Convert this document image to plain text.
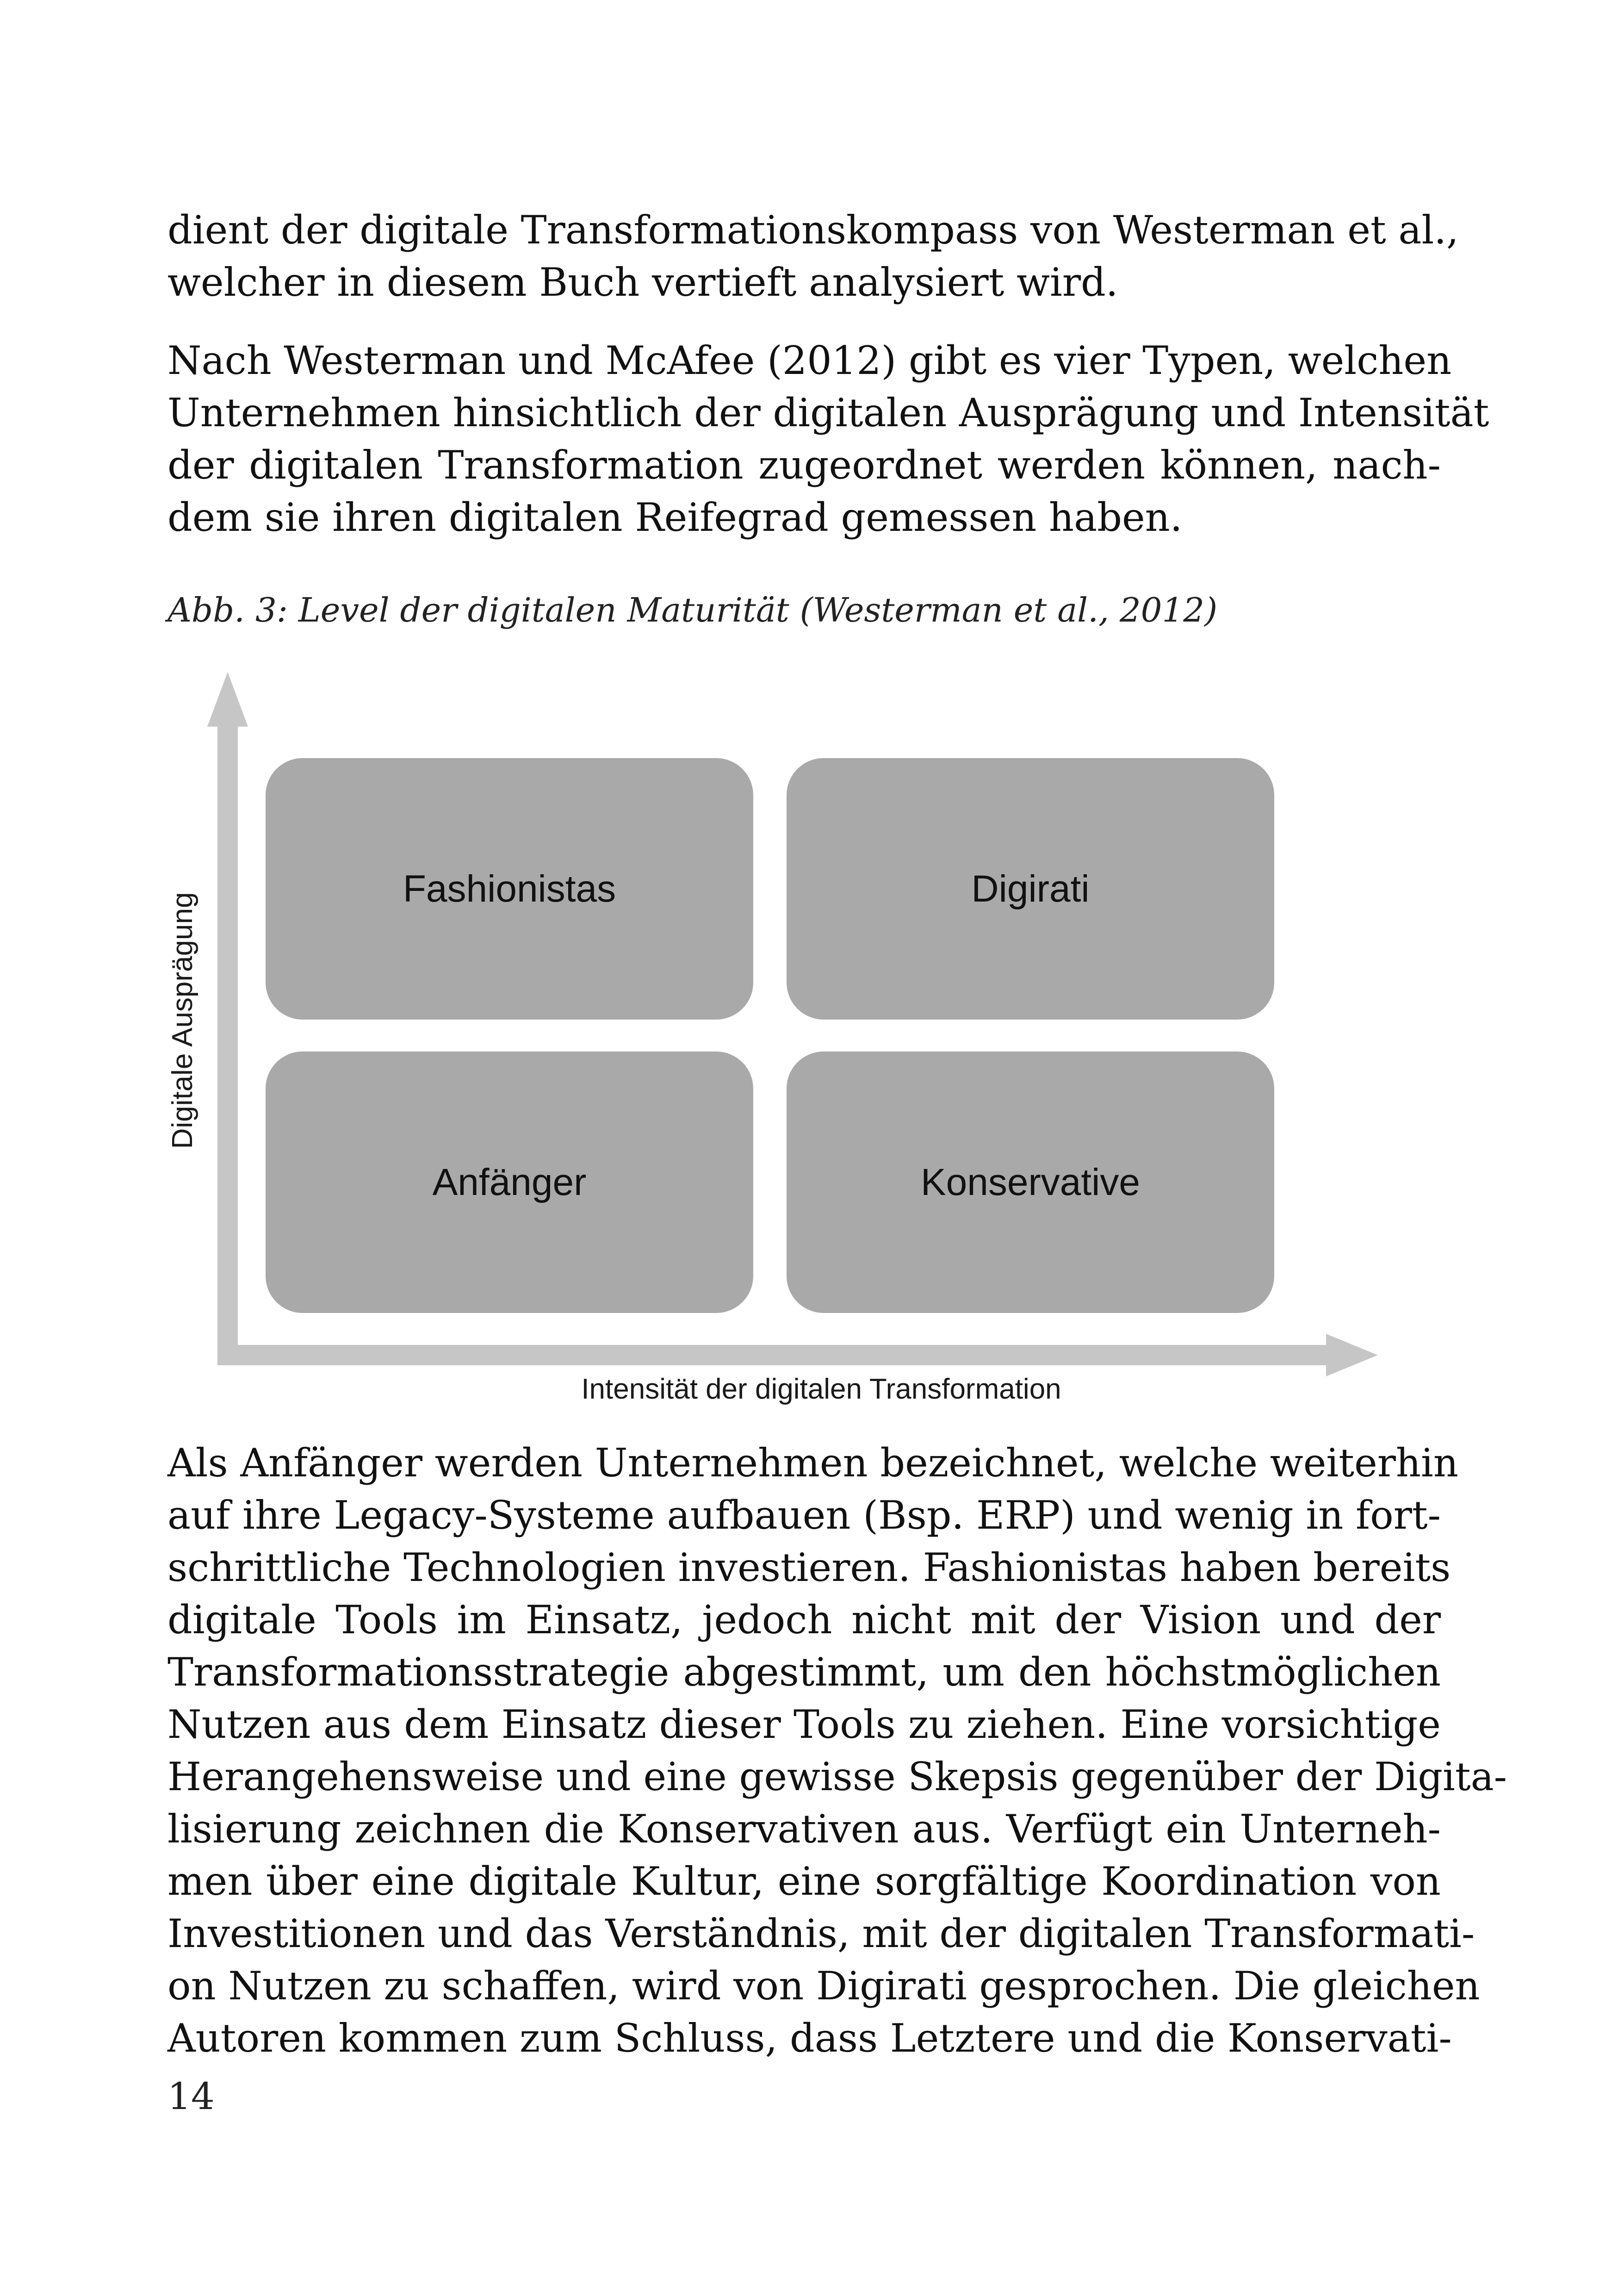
dient der digitale Transformationskompass von Westerman et al.,
welcher in diesem Buch vertieft analysiert wird.
Nach Westerman und McAfee (2012) gibt es vier Typen, welchen
Unternehmen hinsichtlich der digitalen Ausprägung und Intensität
der digitalen Transformation zugeordnet werden können, nach-
dem sie ihren digitalen Reifegrad gemessen haben.

Abb. 3: Level der digitalen Maturität (Westerman et al., 2012)

Fashionistas	Digirati
Anfänger	Konservative
Digitale Ausprägung
Intensität der digitalen Transformation
Als Anfänger werden Unternehmen bezeichnet, welche weiterhin
auf ihre Legacy-Systeme aufbauen (Bsp. ERP) und wenig in fort-
schrittliche Technologien investieren. Fashionistas haben bereits
digitale Tools im Einsatz, jedoch nicht mit der Vision und der
Transformationsstrategie abgestimmt, um den höchstmöglichen
Nutzen aus dem Einsatz dieser Tools zu ziehen. Eine vorsichtige
Herangehensweise und eine gewisse Skepsis gegenüber der Digita-
lisierung zeichnen die Konservativen aus. Verfügt ein Unterneh-
men über eine digitale Kultur, eine sorgfältige Koordination von
Investitionen und das Verständnis, mit der digitalen Transformati-
on Nutzen zu schaffen, wird von Digirati gesprochen. Die gleichen
Autoren kommen zum Schluss, dass Letztere und die Konservati-

14
